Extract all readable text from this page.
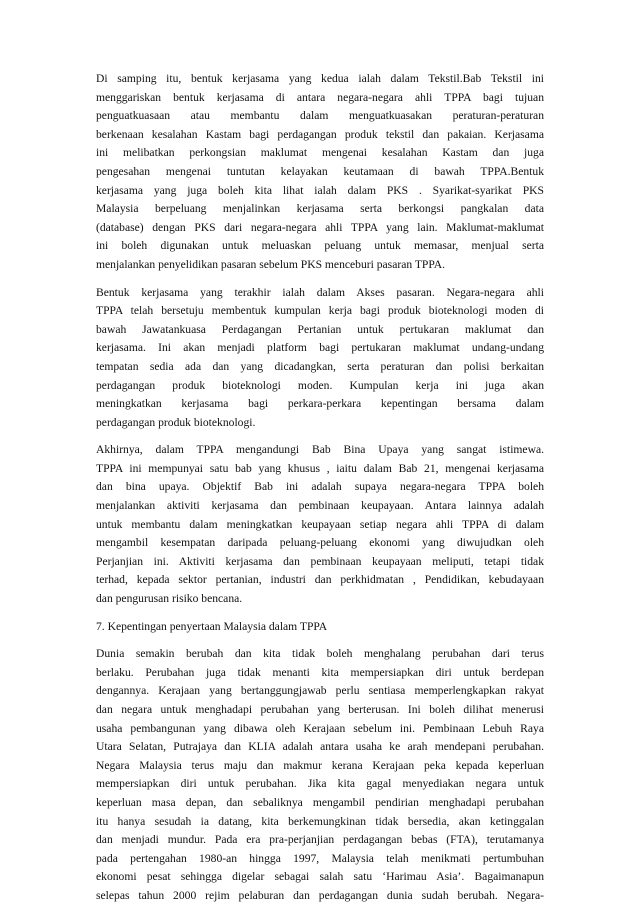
Di samping itu, bentuk kerjasama yang kedua ialah dalam Tekstil.Bab Tekstil ini
menggariskan bentuk kerjasama di antara negara-negara ahli TPPA bagi tujuan
penguatkuasaan atau membantu dalam menguatkuasakan peraturan-peraturan
berkenaan kesalahan Kastam bagi perdagangan produk tekstil dan pakaian. Kerjasama
ini melibatkan perkongsian maklumat mengenai kesalahan Kastam dan juga
pengesahan mengenai tuntutan kelayakan keutamaan di bawah TPPA.Bentuk
kerjasama yang juga boleh kita lihat ialah dalam PKS . Syarikat-syarikat PKS
Malaysia berpeluang menjalinkan kerjasama serta berkongsi pangkalan data
(database) dengan PKS dari negara-negara ahli TPPA yang lain. Maklumat-maklumat
ini boleh digunakan untuk meluaskan peluang untuk memasar, menjual serta
menjalankan penyelidikan pasaran sebelum PKS menceburi pasaran TPPA.
Bentuk kerjasama yang terakhir ialah dalam Akses pasaran. Negara-negara ahli
TPPA telah bersetuju membentuk kumpulan kerja bagi produk bioteknologi moden di
bawah Jawatankuasa Perdagangan Pertanian untuk pertukaran maklumat dan
kerjasama. Ini akan menjadi platform bagi pertukaran maklumat undang-undang
tempatan sedia ada dan yang dicadangkan, serta peraturan dan polisi berkaitan
perdagangan produk bioteknologi moden. Kumpulan kerja ini juga akan
meningkatkan kerjasama bagi perkara-perkara kepentingan bersama dalam
perdagangan produk bioteknologi.
Akhirnya, dalam TPPA mengandungi Bab Bina Upaya yang sangat istimewa.
TPPA ini mempunyai satu bab yang khusus , iaitu dalam Bab 21, mengenai kerjasama
dan bina upaya. Objektif Bab ini adalah supaya negara-negara TPPA boleh
menjalankan aktiviti kerjasama dan pembinaan keupayaan. Antara lainnya adalah
untuk membantu dalam meningkatkan keupayaan setiap negara ahli TPPA di dalam
mengambil kesempatan daripada peluang-peluang ekonomi yang diwujudkan oleh
Perjanjian ini. Aktiviti kerjasama dan pembinaan keupayaan meliputi, tetapi tidak
terhad, kepada sektor pertanian, industri dan perkhidmatan , Pendidikan, kebudayaan
dan pengurusan risiko bencana.
7. Kepentingan penyertaan Malaysia dalam TPPA
Dunia semakin berubah dan kita tidak boleh menghalang perubahan dari terus
berlaku. Perubahan juga tidak menanti kita mempersiapkan diri untuk berdepan
dengannya. Kerajaan yang bertanggungjawab perlu sentiasa memperlengkapkan rakyat
dan negara untuk menghadapi perubahan yang berterusan. Ini boleh dilihat menerusi
usaha pembangunan yang dibawa oleh Kerajaan sebelum ini. Pembinaan Lebuh Raya
Utara Selatan, Putrajaya dan KLIA adalah antara usaha ke arah mendepani perubahan.
Negara Malaysia terus maju dan makmur kerana Kerajaan peka kepada keperluan
mempersiapkan diri untuk perubahan. Jika kita gagal menyediakan negara untuk
keperluan masa depan, dan sebaliknya mengambil pendirian menghadapi perubahan
itu hanya sesudah ia datang, kita berkemungkinan tidak bersedia, akan ketinggalan
dan menjadi mundur. Pada era pra-perjanjian perdagangan bebas (FTA), terutamanya
pada pertengahan 1980-an hingga 1997, Malaysia telah menikmati pertumbuhan
ekonomi pesat sehingga digelar sebagai salah satu ‘Harimau Asia’. Bagaimanapun
selepas tahun 2000 rejim pelaburan dan perdagangan dunia sudah berubah. Negara-
